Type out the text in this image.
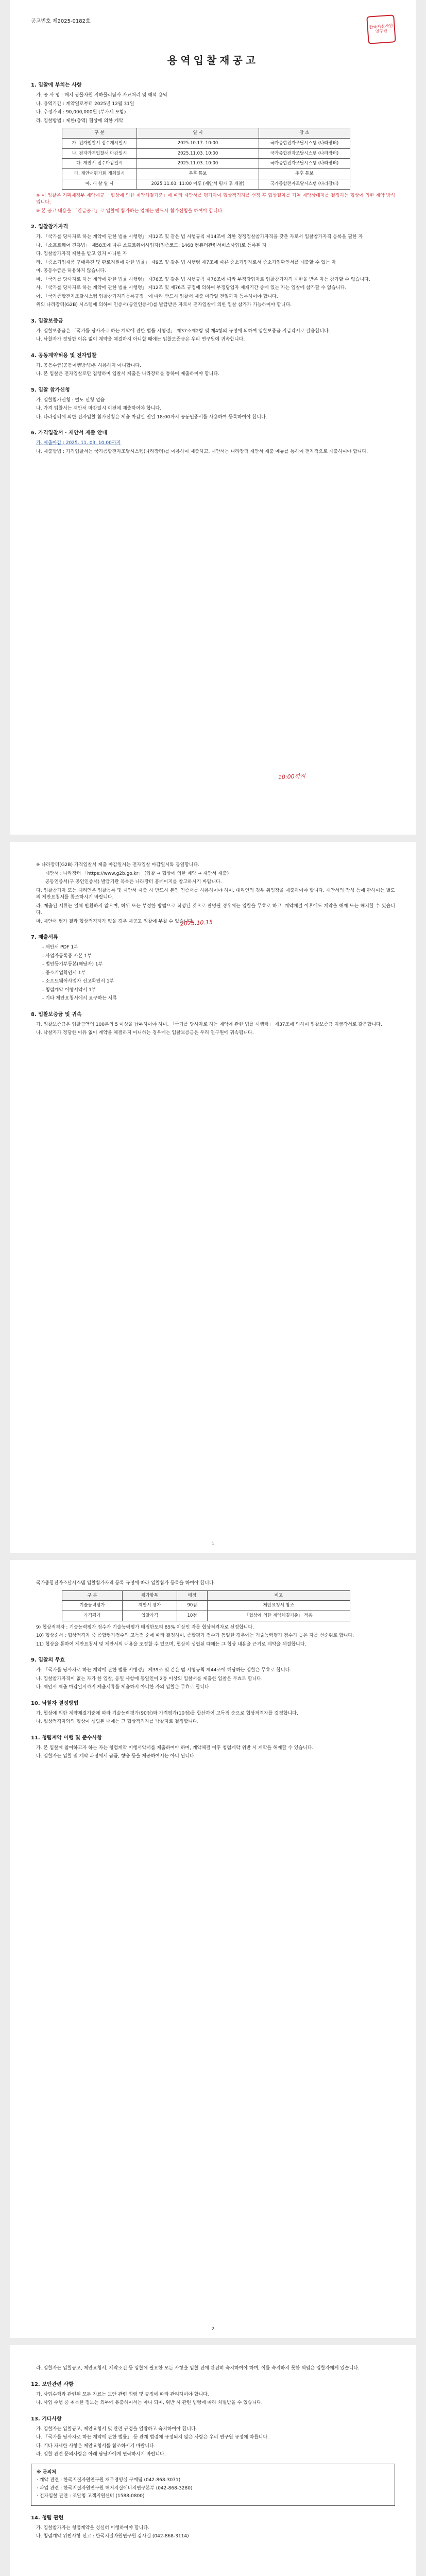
공고번호 제2025-0182호
한국지질자원연구원
용역입찰재공고
1. 입찰에 부치는 사항
가. 공 사 명 : 해저 광물자원 지하물리탐사 자료처리 및 해석 용역
나. 용역기간 : 계약일로부터 2025년 12월 31일
다. 추정가격 : 90,000,000원 (부가세 포함)
라. 입찰방법 : 제한(총액) 협상에 의한 계약
구 분	일 시	장 소
가. 전자입찰서 접수개시일시	2025.10.17. 10:00	국가종합전자조달시스템 (나라장터)
나. 전자가격입찰서 마감일시	2025.11.03. 10:00	국가종합전자조달시스템 (나라장터)
다. 제안서 접수마감일시	2025.11.03. 10:00	국가종합전자조달시스템 (나라장터)
라. 제안서평가회 개최일시	추후 통보	추후 통보
마. 개 찰 일 시	2025.11.03. 11:00 이후 (제안서 평가 후 개찰)	국가종합전자조달시스템 (나라장터)
※ 이 입찰은 기획재정부 계약예규 「협상에 의한 계약체결기준」에 따라 제안서를 평가하여 협상적격자를 선정 후 협상절차를 거쳐 계약상대자를 결정하는 협상에 의한 계약 방식입니다.
※ 본 공고 내용을 「긴급공고」로 입찰에 참가하는 업체는 반드시 참가신청을 하여야 합니다.
2. 입찰참가자격
가. 「국가를 당사자로 하는 계약에 관한 법률 시행령」 제12조 및 같은 법 시행규칙 제14조에 의한 경쟁입찰참가자격을 갖춘 자로서 입찰참가자격 등록을 필한 자
나. 「소프트웨어 진흥법」 제58조에 따른 소프트웨어사업자(업종코드: 1468 컴퓨터관련서비스사업)로 등록된 자
다. 입찰참가자격 제한을 받고 있지 아니한 자
라. 「중소기업제품 구매촉진 및 판로지원에 관한 법률」 제9조 및 같은 법 시행령 제7조에 따른 중소기업자로서 중소기업확인서를 제출할 수 있는 자
마. 공동수급은 허용하지 않습니다.
바. 「국가를 당사자로 하는 계약에 관한 법률 시행령」 제76조 및 같은 법 시행규칙 제76조에 따라 부정당업자로 입찰참가자격 제한을 받은 자는 참가할 수 없습니다.
사. 「국가를 당사자로 하는 계약에 관한 법률 시행령」 제12조 및 제76조 규정에 의하여 부정당업자 제재기간 중에 있는 자는 입찰에 참가할 수 없습니다.
아. 「국가종합전자조달시스템 입찰참가자격등록규정」에 따라 반드시 입찰서 제출 마감일 전일까지 등록하여야 합니다.
위의 나라장터(G2B) 시스템에 의하여 인증서(공인인증서)를 발급받은 자로서 전자입찰에 의한 입찰 참가가 가능하여야 합니다.
3. 입찰보증금
가. 입찰보증금은 「국가를 당사자로 하는 계약에 관한 법률 시행령」 제37조제2항 및 제4항의 규정에 의하여 입찰보증금 지급각서로 갈음합니다.
나. 낙찰자가 정당한 이유 없이 계약을 체결하지 아니할 때에는 입찰보증금은 우리 연구원에 귀속합니다.
4. 공동계약허용 및 전자입찰
가. 공동수급(공동이행방식)은 허용하지 아니합니다.
나. 본 입찰은 전자입찰로만 집행하며 입찰서 제출은 나라장터를 통하여 제출하여야 합니다.
5. 입찰 참가신청
가. 입찰참가신청 : 별도 신청 없음
나. 가격 입찰서는 제안서 마감일시 이전에 제출하여야 합니다.
다. 나라장터에 의한 전자입찰 참가신청은 제출 마감일 전일 18:00까지 공동인증서를 사용하여 등록하여야 합니다.
6. 가격입찰서 · 제안서 제출 안내
가. 제출마감 : 2025. 11. 03. 10:00까지
나. 제출방법 : 가격입찰서는 국가종합전자조달시스템(나라장터)를 이용하여 제출하고, 제안서는 나라장터 제안서 제출 메뉴를 통하여 전자적으로 제출하여야 합니다.
10:00까지
※ 나라장터(G2B) 가격입찰서 제출 마감일시는 전자입찰 마감일시와 동일합니다.
· 제안서 : 나라장터 「https://www.g2b.go.kr」 (입찰 → 협상에 의한 계약 → 제안서 제출)
· 공동인증서(구 공인인증서) 발급기관 목록은 나라장터 홈페이지를 참고하시기 바랍니다.
다. 입찰참가자 또는 대리인은 입찰등록 및 제안서 제출 시 반드시 본인 인증서를 사용하여야 하며, 대리인의 경우 위임장을 제출하여야 합니다. 제안서의 작성 등에 관하여는 별도의 제안요청서를 참조하시기 바랍니다.
라. 제출된 서류는 일체 반환하지 않으며, 허위 또는 부정한 방법으로 작성된 것으로 판명될 경우에는 입찰을 무효로 하고, 계약체결 이후에도 계약을 해제 또는 해지할 수 있습니다.
마. 제안서 평가 결과 협상적격자가 없을 경우 재공고 입찰에 부칠 수 있습니다.
7. 제출서류
- 제안서 PDF 1부
- 사업자등록증 사본 1부
- 법인등기부등본(해당자) 1부
- 중소기업확인서 1부
- 소프트웨어사업자 신고확인서 1부
- 청렴계약 이행서약서 1부
- 기타 제안요청서에서 요구하는 서류
8. 입찰보증금 및 귀속
가. 입찰보증금은 입찰금액의 100분의 5 이상을 납부하여야 하며, 「국가를 당사자로 하는 계약에 관한 법률 시행령」 제37조에 의하여 입찰보증금 지급각서로 갈음합니다.
나. 낙찰자가 정당한 이유 없이 계약을 체결하지 아니하는 경우에는 입찰보증금은 우리 연구원에 귀속됩니다.
2025.10.15
1
국가종합전자조달시스템 입찰참가자격 등록 규정에 따라 입찰참가 등록을 하여야 합니다.
구 분	평가항목	배점	비고
기술능력평가	제안서 평가	90점	제안요청서 참조
가격평가	입찰가격	10점	「협상에 의한 계약체결기준」 적용
9) 협상적격자 : 기술능력평가 점수가 기술능력평가 배점한도의 85% 이상인 자를 협상적격자로 선정합니다.
10) 협상순서 : 협상적격자 중 종합평가점수의 고득점 순에 따라 결정하며, 종합평가 점수가 동일한 경우에는 기술능력평가 점수가 높은 자를 선순위로 합니다.
11) 협상을 통하여 제안요청서 및 제안서의 내용을 조정할 수 있으며, 협상이 성립된 때에는 그 협상 내용을 근거로 계약을 체결합니다.
9. 입찰의 무효
가. 「국가를 당사자로 하는 계약에 관한 법률 시행령」 제39조 및 같은 법 시행규칙 제44조에 해당하는 입찰은 무효로 합니다.
나. 입찰참가자격이 없는 자가 한 입찰, 동일 사항에 동일인이 2통 이상의 입찰서를 제출한 입찰은 무효로 합니다.
다. 제안서 제출 마감일시까지 제출서류를 제출하지 아니한 자의 입찰은 무효로 합니다.
10. 낙찰자 결정방법
가. 협상에 의한 계약체결기준에 따라 기술능력평가(90점)와 가격평가(10점)를 합산하여 고득점 순으로 협상적격자를 결정합니다.
나. 협상적격자와의 협상이 성립된 때에는 그 협상적격자를 낙찰자로 결정합니다.
11. 청렴계약 이행 및 준수사항
가. 본 입찰에 참여하고자 하는 자는 청렴계약 이행서약서를 제출하여야 하며, 계약체결 이후 청렴계약 위반 시 계약을 해제할 수 있습니다.
나. 입찰자는 입찰 및 계약 과정에서 금품, 향응 등을 제공하여서는 아니 됩니다.
2
라. 입찰자는 입찰공고, 제안요청서, 계약조건 등 입찰에 필요한 모든 사항을 입찰 전에 완전히 숙지하여야 하며, 이를 숙지하지 못한 책임은 입찰자에게 있습니다.
12. 보안관련 사항
가. 사업수행과 관련된 모든 자료는 보안 관련 법령 및 규정에 따라 관리하여야 합니다.
나. 사업 수행 중 취득한 정보는 외부에 유출하여서는 아니 되며, 위반 시 관련 법령에 따라 처벌받을 수 있습니다.
13. 기타사항
가. 입찰자는 입찰공고, 제안요청서 및 관련 규정을 열람하고 숙지하여야 합니다.
나. 「국가를 당사자로 하는 계약에 관한 법률」 등 관계 법령에 규정되지 않은 사항은 우리 연구원 규정에 따릅니다.
다. 기타 자세한 사항은 제안요청서를 참조하시기 바랍니다.
라. 입찰 관련 문의사항은 아래 담당자에게 연락하시기 바랍니다.
※ 문의처
· 계약 관련 : 한국지질자원연구원 재무경영실 구매팀 (042-868-3071)
· 과업 관련 : 한국지질자원연구원 해저지질에너지연구본부 (042-868-3280)
· 전자입찰 관련 : 조달청 고객지원센터 (1588-0800)
14. 청렴 관련
가. 입찰참가자는 청렴계약을 성실히 이행하여야 합니다.
나. 청렴계약 위반사항 신고 : 한국지질자원연구원 감사실 (042-868-3114)
